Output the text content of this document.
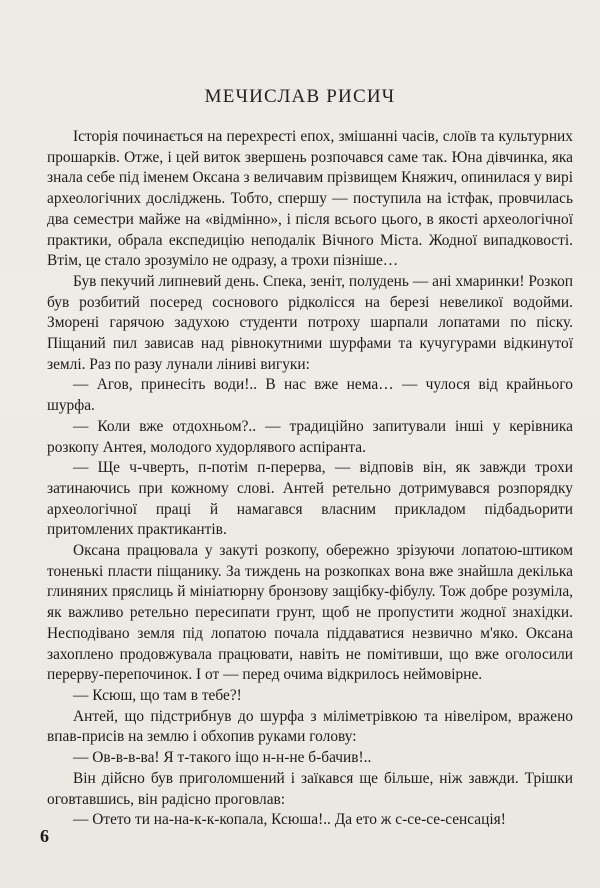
МЕЧИСЛАВ РИСИЧ

Історія починається на перехресті епох, змішанні часів, слоїв та культурних прошарків. Отже, і цей виток звершень розпочався саме так. Юна дівчинка, яка знала себе під іменем Оксана з величавим прізвищем Княжич, опинилася у вирі археологічних досліджень. Тобто, спершу — поступила на істфак, провчилась два семестри майже на «відмінно», і після всього цього, в якості археологічної практики, обрала експедицію неподалік Вічного Міста. Жодної випадковості. Втім, це стало зрозуміло не одразу, а трохи пізніше…

Був пекучий липневий день. Спека, зеніт, полудень — ані хмаринки! Розкоп був розбитий посеред соснового рідколісся на березі невеликої водойми. Зморені гарячою задухою студенти потроху шарпали лопатами по піску. Піщаний пил зависав над рівнокутними шурфами та кучугурами відкинутої землі. Раз по разу лунали ліниві вигуки:

— Агов, принесіть води!.. В нас вже нема… — чулося від крайнього шурфа.

— Коли вже отдохньом?.. — традиційно запитували інші у керівника розкопу Антея, молодого худорлявого аспіранта.

— Ще ч-чверть, п-потім п-перерва, — відповів він, як завжди трохи затинаючись при кожному слові. Антей ретельно дотримувався розпорядку археологічної праці й намагався власним прикладом підбадьорити притомлених практикантів.

Оксана працювала у закуті розкопу, обережно зрізуючи лопатою-штиком тоненькі пласти піщанику. За тиждень на розкопках вона вже знайшла декілька глиняних пряслиць й мініатюрну бронзову защібку-фібулу. Тож добре розуміла, як важливо ретельно пересипати грунт, щоб не пропустити жодної знахідки. Несподівано земля під лопатою почала піддаватися незвично м'яко. Оксана захоплено продовжувала працювати, навіть не помітивши, що вже оголосили перерву-перепочинок. І от — перед очима відкрилось неймовірне.

— Ксюш, що там в тебе?!

Антей, що підстрибнув до шурфа з міліметрівкою та нівеліром, вражено впав-присів на землю і обхопив руками голову:

— Ов-в-в-ва! Я т-такого іщо н-н-не б-бачив!..

Він дійсно був приголомшений і заїкався ще більше, ніж завжди. Трішки оговтавшись, він радісно проговлав:

— Отето ти на-на-к-к-копала, Ксюша!.. Да ето ж с-се-се-сенсація!

6
